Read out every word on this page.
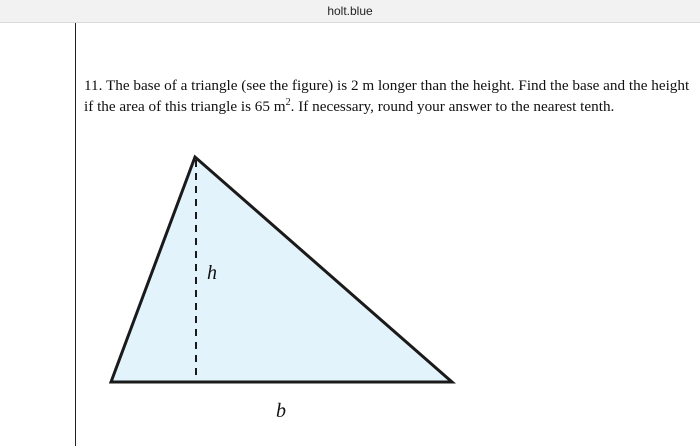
holt.blue
11. The base of a triangle (see the figure) is 2 m longer than the height. Find the base and the height if the area of this triangle is 65 $m^2$. If necessary, round your answer to the nearest tenth.
h
b
